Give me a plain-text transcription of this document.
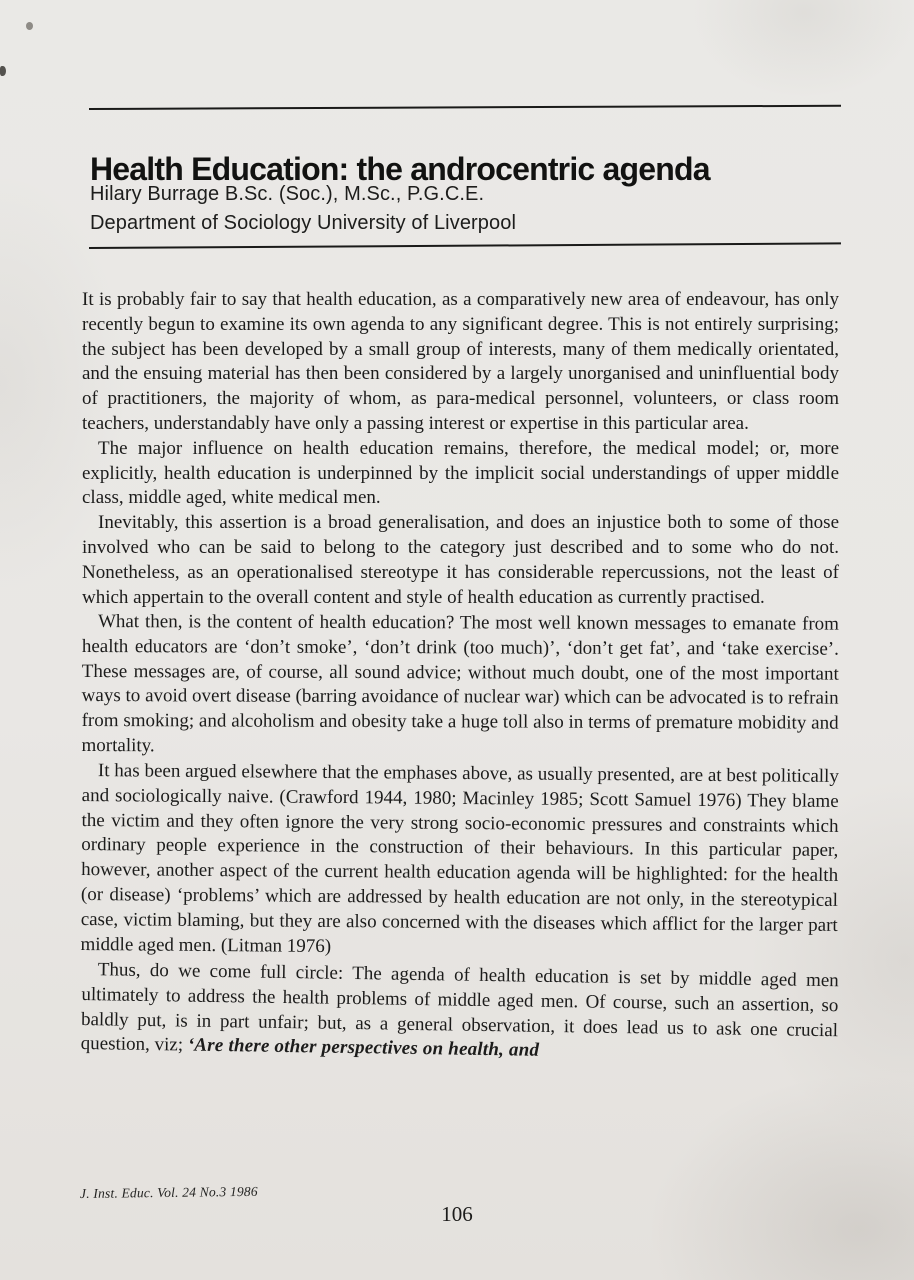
Health Education: the androcentric agenda
Hilary Burrage B.Sc. (Soc.), M.Sc., P.G.C.E.
Department of Sociology University of Liverpool

It is probably fair to say that health education, as a comparatively new area of endeavour, has only recently begun to examine its own agenda to any significant degree. This is not entirely surprising; the subject has been developed by a small group of interests, many of them medically orientated, and the ensuing material has then been considered by a largely unorganised and uninfluential body of practitioners, the majority of whom, as para-medical personnel, volunteers, or class room teachers, understandably have only a passing interest or expertise in this particular area.

The major influence on health education remains, therefore, the medical model; or, more explicitly, health education is underpinned by the implicit social understandings of upper middle class, middle aged, white medical men.

Inevitably, this assertion is a broad generalisation, and does an injustice both to some of those involved who can be said to belong to the category just described and to some who do not. Nonetheless, as an operationalised stereotype it has considerable repercussions, not the least of which appertain to the overall content and style of health education as currently practised.

What then, is the content of health education? The most well known messages to emanate from health educators are ‘don’t smoke’, ‘don’t drink (too much)’, ‘don’t get fat’, and ‘take exercise’. These messages are, of course, all sound advice; without much doubt, one of the most important ways to avoid overt disease (barring avoidance of nuclear war) which can be advocated is to refrain from smoking; and alcoholism and obesity take a huge toll also in terms of premature mobidity and mortality.

It has been argued elsewhere that the emphases above, as usually presented, are at best politically and sociologically naive. (Crawford 1944, 1980; Macinley 1985; Scott Samuel 1976) They blame the victim and they often ignore the very strong socio-economic pressures and constraints which ordinary people experience in the construction of their behaviours. In this particular paper, however, another aspect of the current health education agenda will be highlighted: for the health (or disease) ‘problems’ which are addressed by health education are not only, in the stereotypical case, victim blaming, but they are also concerned with the diseases which afflict for the larger part middle aged men. (Litman 1976)

Thus, do we come full circle: The agenda of health education is set by middle aged men ultimately to address the health problems of middle aged men. Of course, such an assertion, so baldly put, is in part unfair; but, as a general observation, it does lead us to ask one crucial question, viz; ‘Are there other perspectives on health, and

J. Inst. Educ. Vol. 24 No.3 1986
106
